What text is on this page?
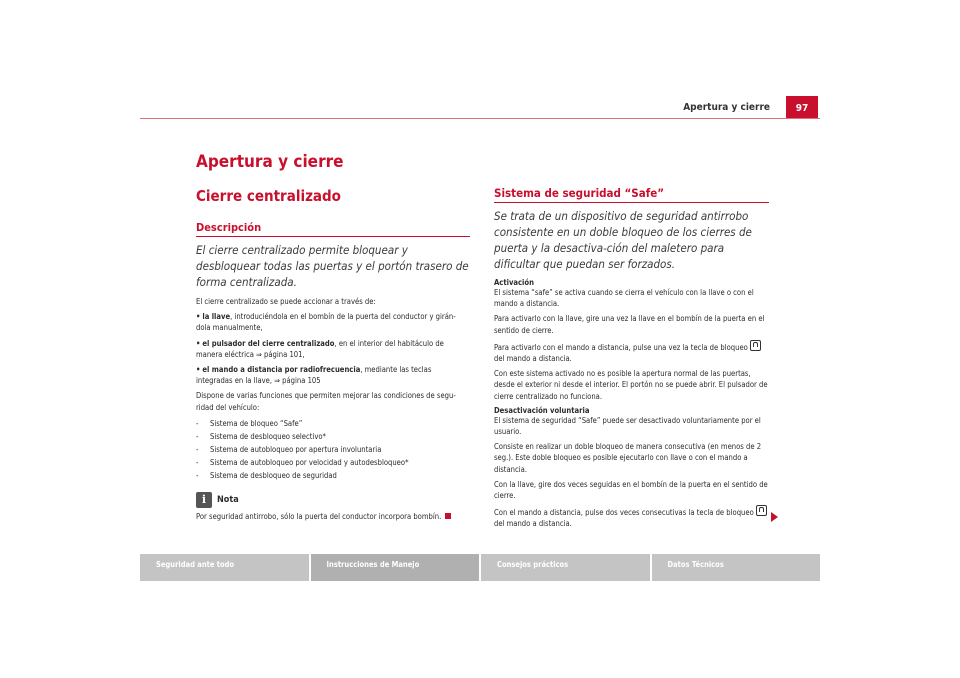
Apertura y cierre	97
Apertura y cierre
Cierre centralizado
Descripción
El cierre centralizado permite bloquear y desbloquear todas las puertas y el portón trasero de forma centralizada.
El cierre centralizado se puede accionar a través de:
• la llave, introduciéndola en el bombín de la puerta del conductor y girán-dola manualmente,
• el pulsador del cierre centralizado, en el interior del habitáculo de manera eléctrica ⇒ página 101,
• el mando a distancia por radiofrecuencia, mediante las teclas integradas en la llave, ⇒ página 105
Dispone de varias funciones que permiten mejorar las condiciones de segu-ridad del vehículo:
- Sistema de bloqueo “Safe”
- Sistema de desbloqueo selectivo*
- Sistema de autobloqueo por apertura involuntaria
- Sistema de autobloqueo por velocidad y autodesbloqueo*
- Sistema de desbloqueo de seguridad
i	Nota
Por seguridad antirrobo, sólo la puerta del conductor incorpora bombín.
Sistema de seguridad “Safe”
Se trata de un dispositivo de seguridad antirrobo consistente en un doble bloqueo de los cierres de puerta y la desactiva-ción del maletero para dificultar que puedan ser forzados.
Activación
El sistema “safe” se activa cuando se cierra el vehículo con la llave o con el mando a distancia.
Para activarlo con la llave, gire una vez la llave en el bombín de la puerta en el sentido de cierre.
Para activarlo con el mando a distancia, pulse una vez la tecla de bloqueodel mando a distancia.
Con este sistema activado no es posible la apertura normal de las puertas, desde el exterior ni desde el interior. El portón no se puede abrir. El pulsador de cierre centralizado no funciona.
Desactivación voluntaria
El sistema de seguridad “Safe” puede ser desactivado voluntariamente por el usuario.
Consiste en realizar un doble bloqueo de manera consecutiva (en menos de 2 seg.). Este doble bloqueo es posible ejecutarlo con llave o con el mando a distancia.
Con la llave, gire dos veces seguidas en el bombín de la puerta en el sentido de cierre.
Con el mando a distancia, pulse dos veces consecutivas la tecla de bloqueodel mando a distancia.
Seguridad ante todo	Instrucciones de Manejo	Consejos prácticos	Datos Técnicos
